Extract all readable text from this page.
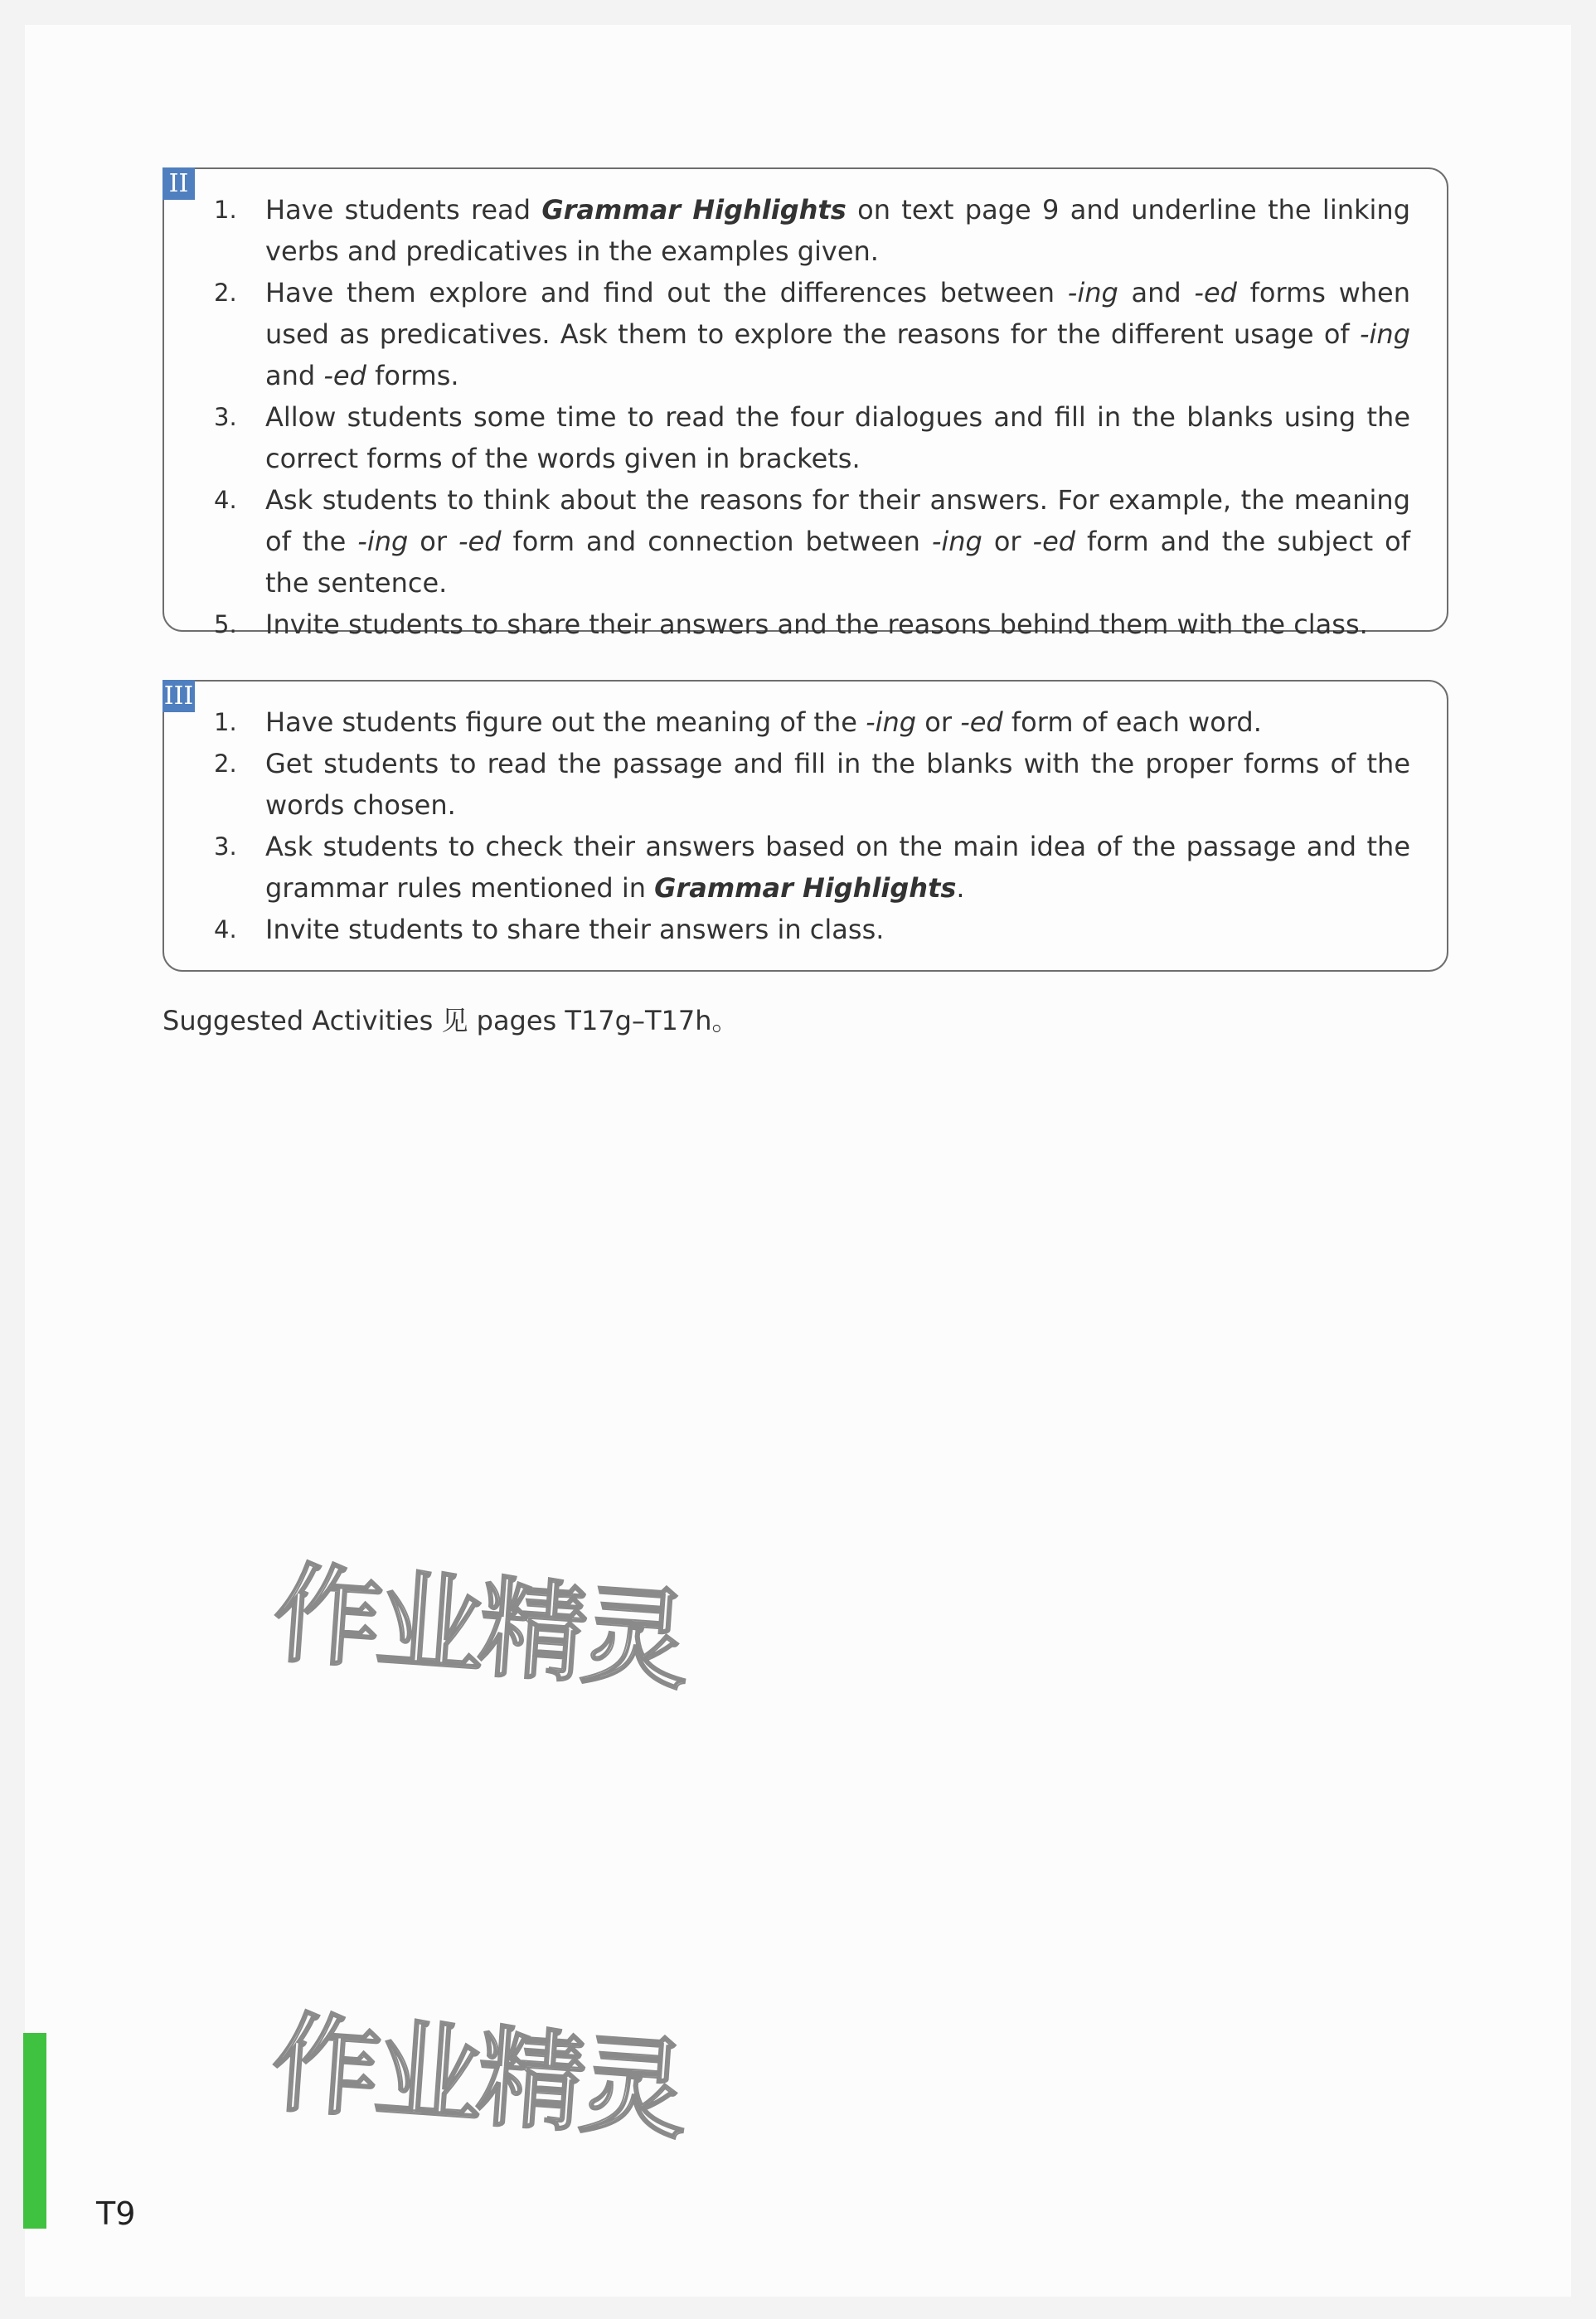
II
1. Have students read Grammar Highlights on text page 9 and underline the linking verbs and predicatives in the examples given.
2. Have them explore and find out the differences between -ing and -ed forms when used as predicatives. Ask them to explore the reasons for the different usage of -ing and -ed forms.
3. Allow students some time to read the four dialogues and fill in the blanks using the correct forms of the words given in brackets.
4. Ask students to think about the reasons for their answers. For example, the meaning of the -ing or -ed form and connection between -ing or -ed form and the subject of the sentence.
5. Invite students to share their answers and the reasons behind them with the class.
III
1. Have students figure out the meaning of the -ing or -ed form of each word.
2. Get students to read the passage and fill in the blanks with the proper forms of the words chosen.
3. Ask students to check their answers based on the main idea of the passage and the grammar rules mentioned in Grammar Highlights.
4. Invite students to share their answers in class.
Suggested Activities 见 pages T17g–T17h。
作业精灵
作业精灵
T9
